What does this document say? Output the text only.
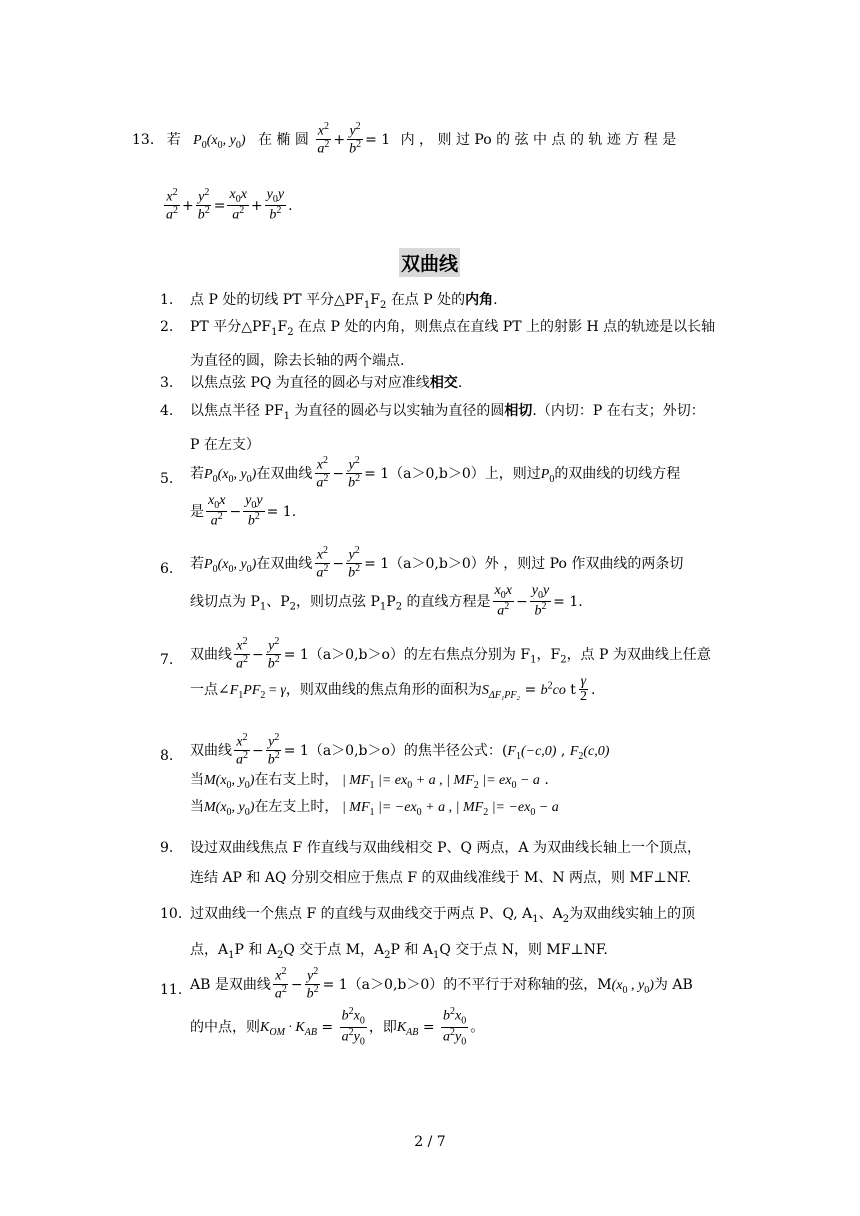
13. 若 $P_0(x_0$, $y_0$) 在 椭 圆 $\frac{x^2}{a^2} + \frac{y^2}{b^2} = 1$ 内 ， 则 过 Po 的 弦 中 点 的 轨 迹 方 程 是
$\frac{x^2}{a^2} + \frac{y^2}{b^2} = \frac{x_0x}{a^2} + \frac{y_0y}{b^2}$ .
双曲线
1. 点 P 处的切线 PT 平分$\triangle PF_1F_2$ 在点 P 处的内角.
2. PT 平分$\triangle PF_1F_2$ 在点 P 处的内角，则焦点在直线 PT 上的射影 H 点的轨迹是以长轴
为直径的圆，除去长轴的两个端点.
3. 以焦点弦 PQ 为直径的圆必与对应准线相交.
4. 以焦点半径 $PF_1$ 为直径的圆必与以实轴为直径的圆相切.（内切：P 在右支；外切：
P 在左支）
5. 若$P_0(x_0$, $y_0$)在双曲线 $\frac{x^2}{a^2} - \frac{y^2}{b^2} = 1(a>0,b>0)$上，则过$P_0$的双曲线的切线方程
是 $\frac{x_0x}{a^2} - \frac{y_0y}{b^2} = 1$.
6. 若$P_0(x_0$, $y_0$)在双曲线 $\frac{x^2}{a^2} - \frac{y^2}{b^2} = 1(a>0,b>0)$外 ，则过 Po 作双曲线的两条切
线切点为 $P_1$、$P_2$，则切点弦 $P_1P_2$ 的直线方程是 $\frac{x_0x}{a^2} - \frac{y_0y}{b^2} = 1$.
7. 双曲线 $\frac{x^2}{a^2} - \frac{y^2}{b^2} = 1(a>0,b>o)$的左右焦点分别为 $F_1$，$F_2$，点 P 为双曲线上任意
一点$\angle F_1PF_2 = \gamma$，则双曲线的焦点角形的面积为$S_{\Delta F_1PF_2} = b^2co$ t $\frac{\gamma}{2}$ .
8. 双曲线 $\frac{x^2}{a^2} - \frac{y^2}{b^2} = 1(a>0,b>o)$的焦半径公式：($F_1(-c,0)$ , $F_2(c,0)$
当$M(x_0$, $y_0$)在右支上时， | $MF_1$ |= $ex_0 + a$ , | $MF_2$ |= $ex_0 - a$ .
当$M(x_0$, $y_0$)在左支上时， | $MF_1$ |= $-ex_0 + a$ , | $MF_2$ |= $-ex_0 - a$
9. 设过双曲线焦点 F 作直线与双曲线相交 P、Q 两点，A 为双曲线长轴上一个顶点，
连结 AP 和 AQ 分别交相应于焦点 F 的双曲线准线于 M、N 两点，则 MF⊥NF.
10. 过双曲线一个焦点 F 的直线与双曲线交于两点 P、Q, $A_1$、$A_2$为双曲线实轴上的顶
点，$A_1P$ 和 $A_2Q$ 交于点 M，$A_2P$ 和 $A_1Q$ 交于点 N，则 MF⊥NF.
11. AB 是双曲线 $\frac{x^2}{a^2} - \frac{y^2}{b^2} = 1(a>0,b>0)$的不平行于对称轴的弦，$M(x_0$ , $y_0$)为 AB
的中点，则$K_{OM} \cdot K_{AB} = \frac{b^2x_0}{a^2y_0}$ ，即$K_{AB} = \frac{b^2x_0}{a^2y_0}$ 。
2 / 7
